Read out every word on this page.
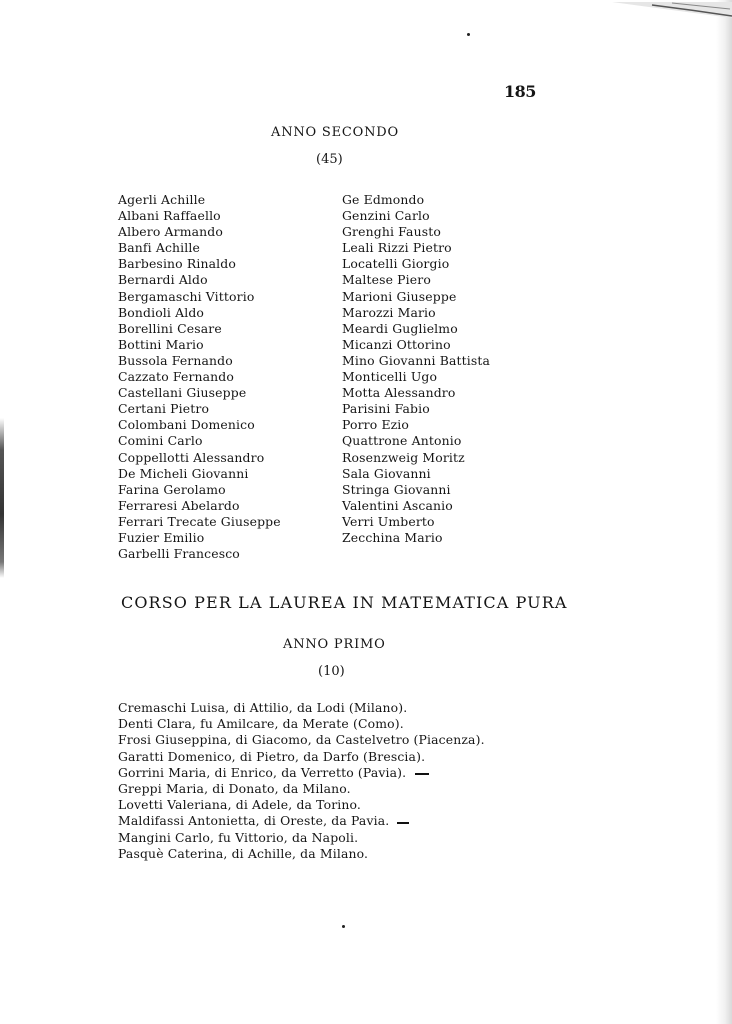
185
ANNO SECONDO
(45)
Agerli Achille
Albani Raffaello
Albero Armando
Banfi Achille
Barbesino Rinaldo
Bernardi Aldo
Bergamaschi Vittorio
Bondioli Aldo
Borellini Cesare
Bottini Mario
Bussola Fernando
Cazzato Fernando
Castellani Giuseppe
Certani Pietro
Colombani Domenico
Comini Carlo
Coppellotti Alessandro
De Micheli Giovanni
Farina Gerolamo
Ferraresi Abelardo
Ferrari Trecate Giuseppe
Fuzier Emilio
Garbelli Francesco
Ge Edmondo
Genzini Carlo
Grenghi Fausto
Leali Rizzi Pietro
Locatelli Giorgio
Maltese Piero
Marioni Giuseppe
Marozzi Mario
Meardi Guglielmo
Micanzi Ottorino
Mino Giovanni Battista
Monticelli Ugo
Motta Alessandro
Parisini Fabio
Porro Ezio
Quattrone Antonio
Rosenzweig Moritz
Sala Giovanni
Stringa Giovanni
Valentini Ascanio
Verri Umberto
Zecchina Mario
CORSO PER LA LAUREA IN MATEMATICA PURA
ANNO PRIMO
(10)
Cremaschi Luisa, di Attilio, da Lodi (Milano).
Denti Clara, fu Amilcare, da Merate (Como).
Frosi Giuseppina, di Giacomo, da Castelvetro (Piacenza).
Garatti Domenico, di Pietro, da Darfo (Brescia).
Gorrini Maria, di Enrico, da Verretto (Pavia).
Greppi Maria, di Donato, da Milano.
Lovetti Valeriana, di Adele, da Torino.
Maldifassi Antonietta, di Oreste, da Pavia.
Mangini Carlo, fu Vittorio, da Napoli.
Pasquè Caterina, di Achille, da Milano.
